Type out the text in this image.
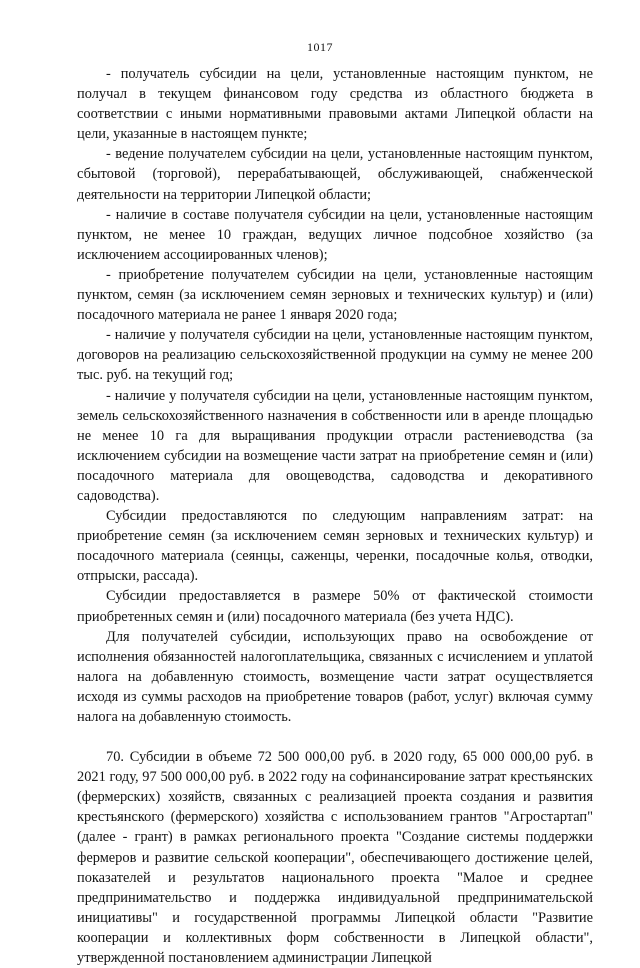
1017

- получатель субсидии на цели, установленные настоящим пунктом, не получал в текущем финансовом году средства из областного бюджета в соответствии с иными нормативными правовыми актами Липецкой области на цели, указанные в настоящем пункте;

- ведение получателем субсидии на цели, установленные настоящим пунктом, сбытовой (торговой), перерабатывающей, обслуживающей, снабженческой деятельности на территории Липецкой области;

- наличие в составе получателя субсидии на цели, установленные настоящим пунктом, не менее 10 граждан, ведущих личное подсобное хозяйство (за исключением ассоциированных членов);

- приобретение получателем субсидии на цели, установленные настоящим пунктом, семян (за исключением семян зерновых и технических культур) и (или) посадочного материала не ранее 1 января 2020 года;

- наличие у получателя субсидии на цели, установленные настоящим пунктом, договоров на реализацию сельскохозяйственной продукции на сумму не менее 200 тыс. руб. на текущий год;

- наличие у получателя субсидии на цели, установленные настоящим пунктом, земель сельскохозяйственного назначения в собственности или в аренде площадью не менее 10 га для выращивания продукции отрасли растениеводства (за исключением субсидии на возмещение части затрат на приобретение семян и (или) посадочного материала для овощеводства, садоводства и декоративного садоводства).

Субсидии предоставляются по следующим направлениям затрат: на приобретение семян (за исключением семян зерновых и технических культур) и посадочного материала (сеянцы, саженцы, черенки, посадочные колья, отводки, отпрыски, рассада).

Субсидии предоставляется в размере 50% от фактической стоимости приобретенных семян и (или) посадочного материала (без учета НДС).

Для получателей субсидии, использующих право на освобождение от исполнения обязанностей налогоплательщика, связанных с исчислением и уплатой налога на добавленную стоимость, возмещение части затрат осуществляется исходя из суммы расходов на приобретение товаров (работ, услуг) включая сумму налога на добавленную стоимость.

70. Субсидии в объеме 72 500 000,00 руб. в 2020 году, 65 000 000,00 руб. в 2021 году, 97 500 000,00 руб. в 2022 году на софинансирование затрат крестьянских (фермерских) хозяйств, связанных с реализацией проекта создания и развития крестьянского (фермерского) хозяйства с использованием грантов "Агростартап" (далее - грант) в рамках регионального проекта "Создание системы поддержки фермеров и развитие сельской кооперации", обеспечивающего достижение целей, показателей и результатов национального проекта "Малое и среднее предпринимательство и поддержка индивидуальной предпринимательской инициативы" и государственной программы Липецкой области "Развитие кооперации и коллективных форм собственности в Липецкой области", утвержденной постановлением администрации Липецкой
